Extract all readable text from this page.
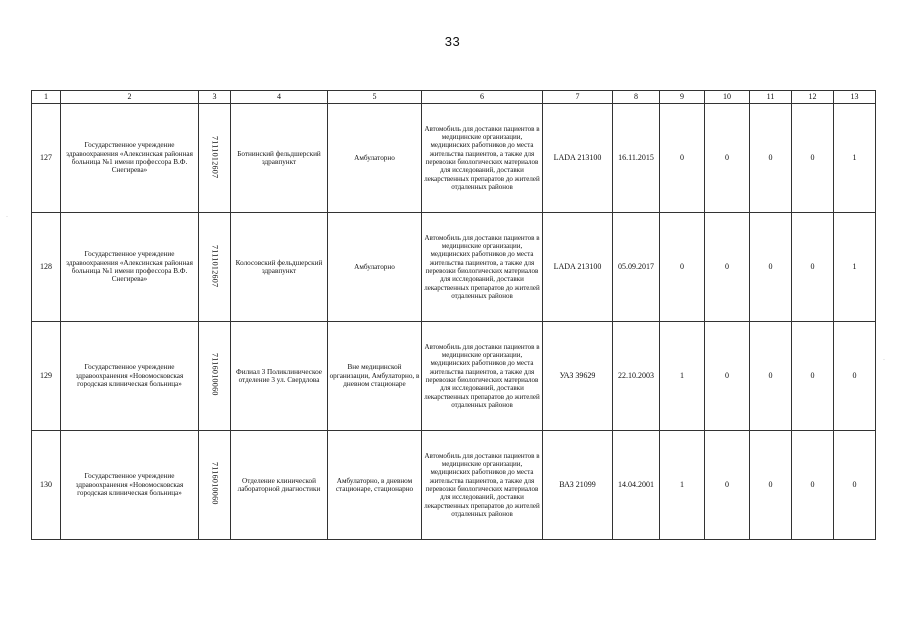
33
1	2	3	4	5	6	7	8	9	10	11	12	13
127	Государственное учреждение здравоохранения «Алексинская районная больница №1 имени профессора В.Ф. Снегирева»	7111012607	Ботнинский фельдшерский здравпункт	Амбулаторно	Автомобиль для доставки пациентов в медицинские организации, медицинских работников до места жительства пациентов, а также для перевозки биологических материалов для исследований, доставки лекарственных препаратов до жителей отдаленных районов	LADA 213100	16.11.2015	0	0	0	0	1
128	Государственное учреждение здравоохранения «Алексинская районная больница №1 имени профессора В.Ф. Снегирева»	7111012607	Колосовский фельдшерский здравпункт	Амбулаторно	Автомобиль для доставки пациентов в медицинские организации, медицинских работников до места жительства пациентов, а также для перевозки биологических материалов для исследований, доставки лекарственных препаратов до жителей отдаленных районов	LADA 213100	05.09.2017	0	0	0	0	1
129	Государственное учреждение здравоохранения «Новомосковская городская клиническая больница»	7116010060	Филиал 3 Поликлиническое отделение 3 ул. Свердлова	Вне медицинской организации, Амбулаторно, в дневном стационаре	Автомобиль для доставки пациентов в медицинские организации, медицинских работников до места жительства пациентов, а также для перевозки биологических материалов для исследований, доставки лекарственных препаратов до жителей отдаленных районов	УАЗ 39629	22.10.2003	1	0	0	0	0
130	Государственное учреждение здравоохранения «Новомосковская городская клиническая больница»	7116010060	Отделение клинической лабораторной диагностики	Амбулаторно, в дневном стационаре, стационарно	Автомобиль для доставки пациентов в медицинские организации, медицинских работников до места жительства пациентов, а также для перевозки биологических материалов для исследований, доставки лекарственных препаратов до жителей отдаленных районов	ВАЗ 21099	14.04.2001	1	0	0	0	0
·
·
